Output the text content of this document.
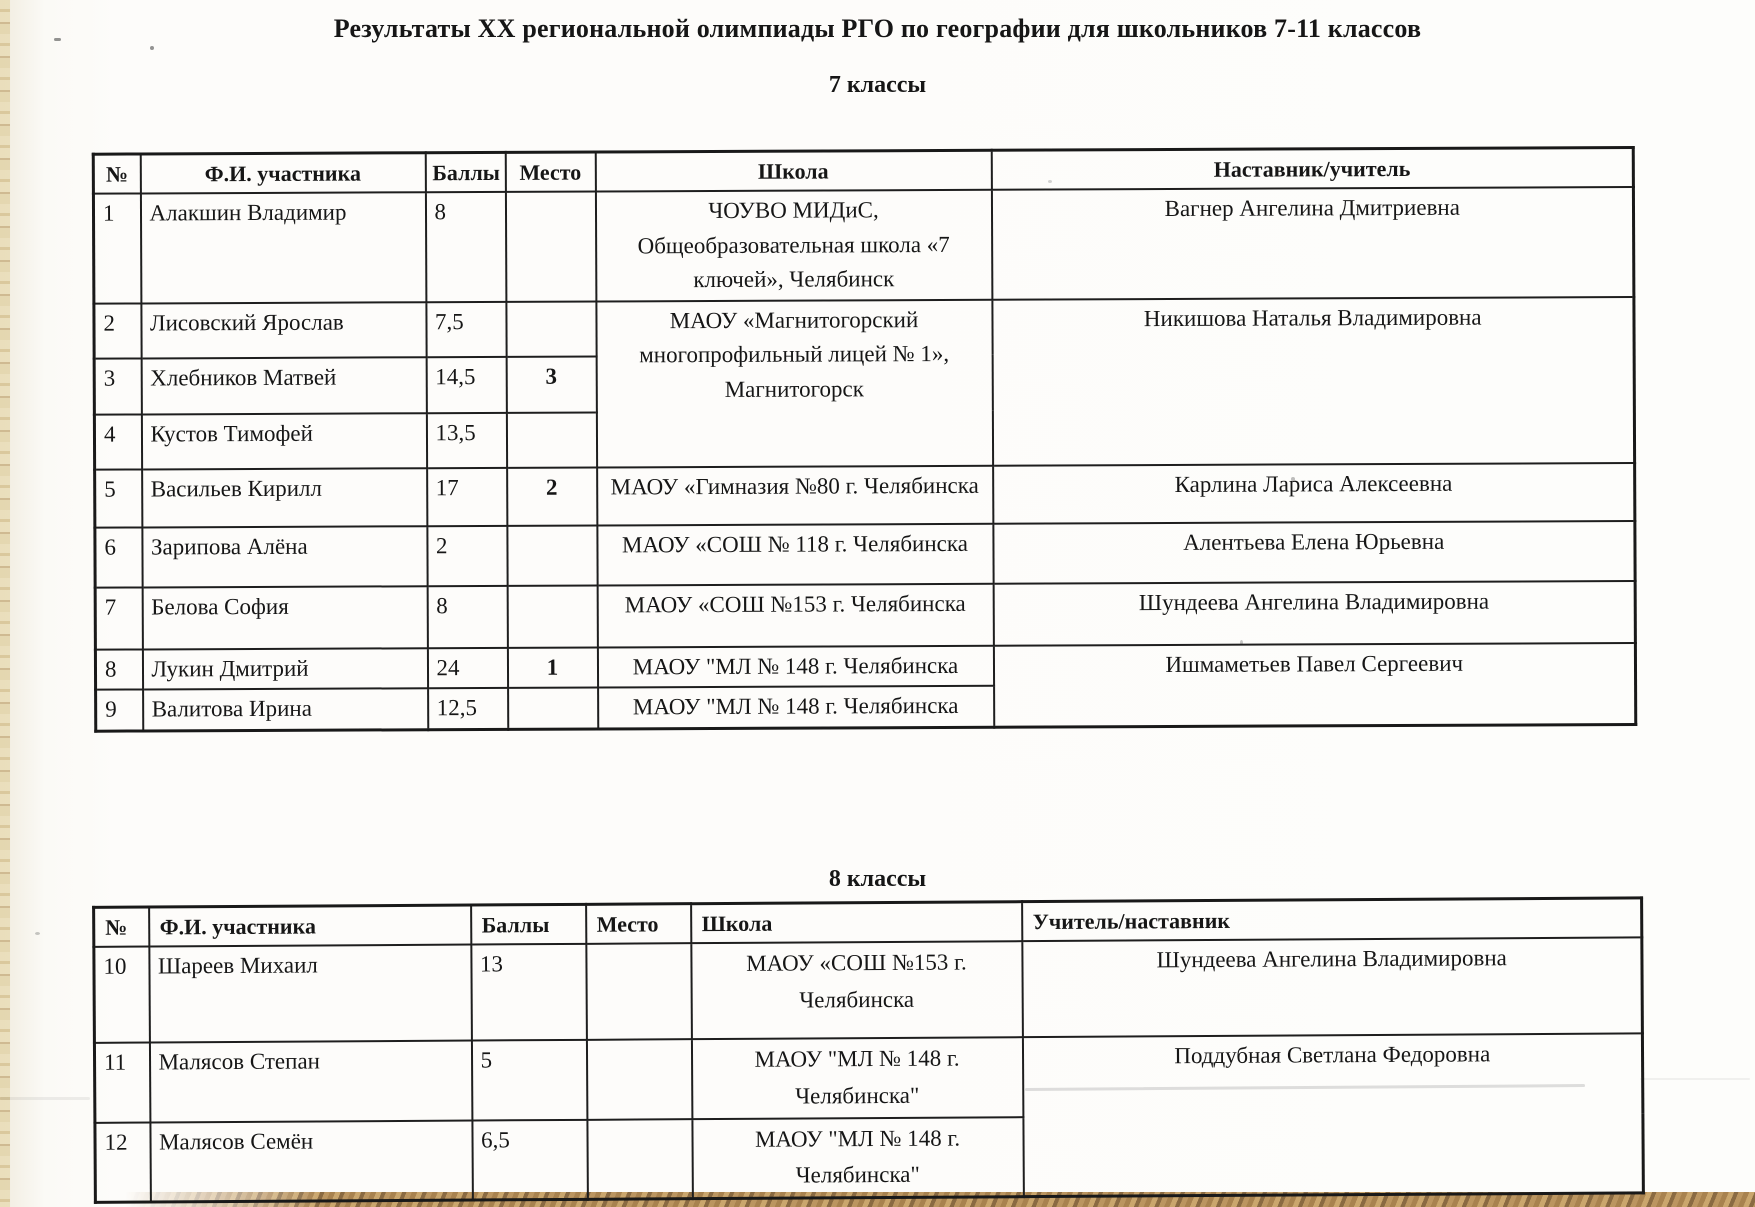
Результаты XX региональной олимпиады РГО по географии для школьников 7-11 классов
7 классы
№	Ф.И. участника	Баллы	Место	Школа	Наставник/учитель
1	Алакшин Владимир	8		ЧОУВО МИДиС, Общеобразовательная школа «7 ключей», Челябинск	Вагнер Ангелина Дмитриевна
2	Лисовский Ярослав	7,5		МАОУ «Магнитогорский многопрофильный лицей № 1», Магнитогорск	Никишова Наталья Владимировна
3	Хлебников Матвей	14,5	3		
4	Кустов Тимофей	13,5			
5	Васильев Кирилл	17	2	МАОУ «Гимназия №80 г. Челябинска	Карлина Лариса Алексеевна
6	Зарипова Алёна	2		МАОУ «СОШ № 118 г. Челябинска	Алентьева Елена Юрьевна
7	Белова София	8		МАОУ «СОШ №153 г. Челябинска	Шундеева Ангелина Владимировна
8	Лукин Дмитрий	24	1	МАОУ "МЛ № 148 г. Челябинска	Ишмаметьев Павел Сергеевич
9	Валитова Ирина	12,5		МАОУ "МЛ № 148 г. Челябинска	
8 классы
№	Ф.И. участника	Баллы	Место	Школа	Учитель/наставник
10	Шареев Михаил	13		МАОУ «СОШ №153 г. Челябинска	Шундеева Ангелина Владимировна
11	Малясов Степан	5		МАОУ "МЛ № 148 г. Челябинска"	Поддубная Светлана Федоровна
12	Малясов Семён	6,5		МАОУ "МЛ № 148 г. Челябинска"	
